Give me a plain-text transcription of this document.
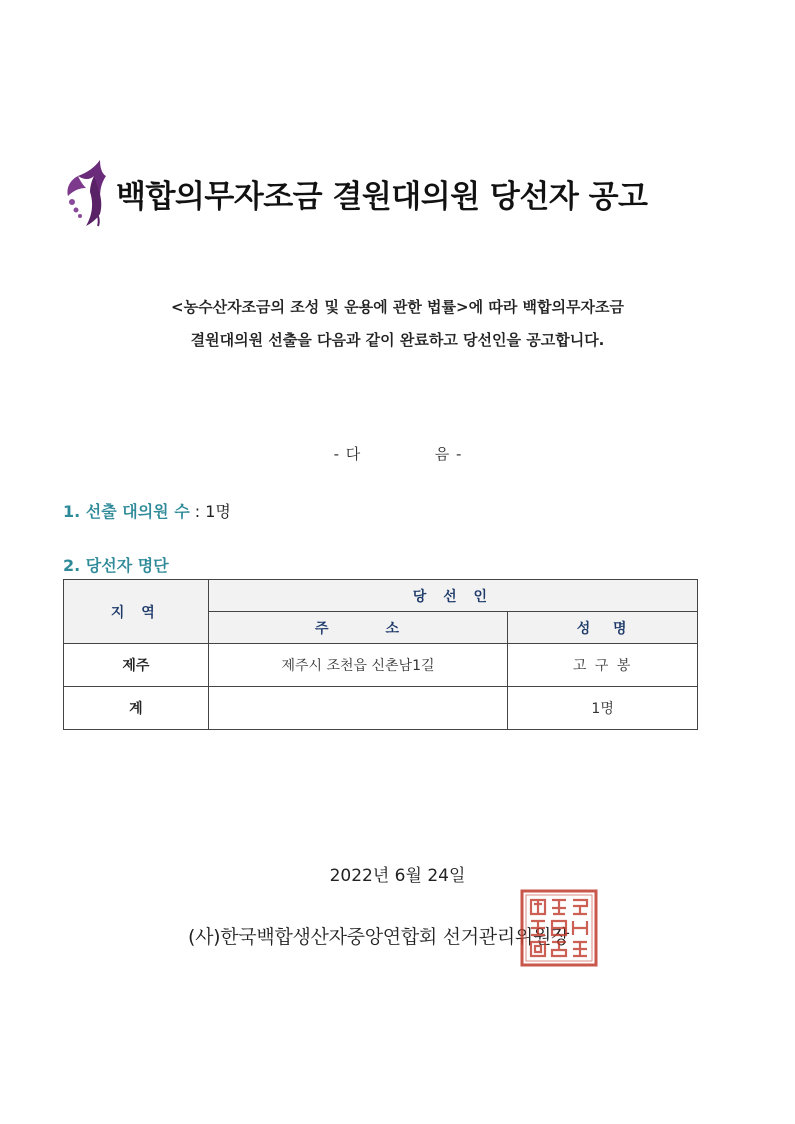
백합의무자조금 결원대의원 당선자 공고
<농수산자조금의 조성 및 운용에 관한 법률>에 따라 백합의무자조금
결원대의원 선출을 다음과 같이 완료하고 당선인을 공고합니다.
- 다           음 -
1. 선출 대의원 수 : 1명
2. 당선자 명단
지 역	당 선 인	
	주        소	성   명
제주	제주시 조천읍 신촌남1길	고 구 봉
계		1명
2022년 6월 24일
(사)한국백합생산자중앙연합회 선거관리위원장
